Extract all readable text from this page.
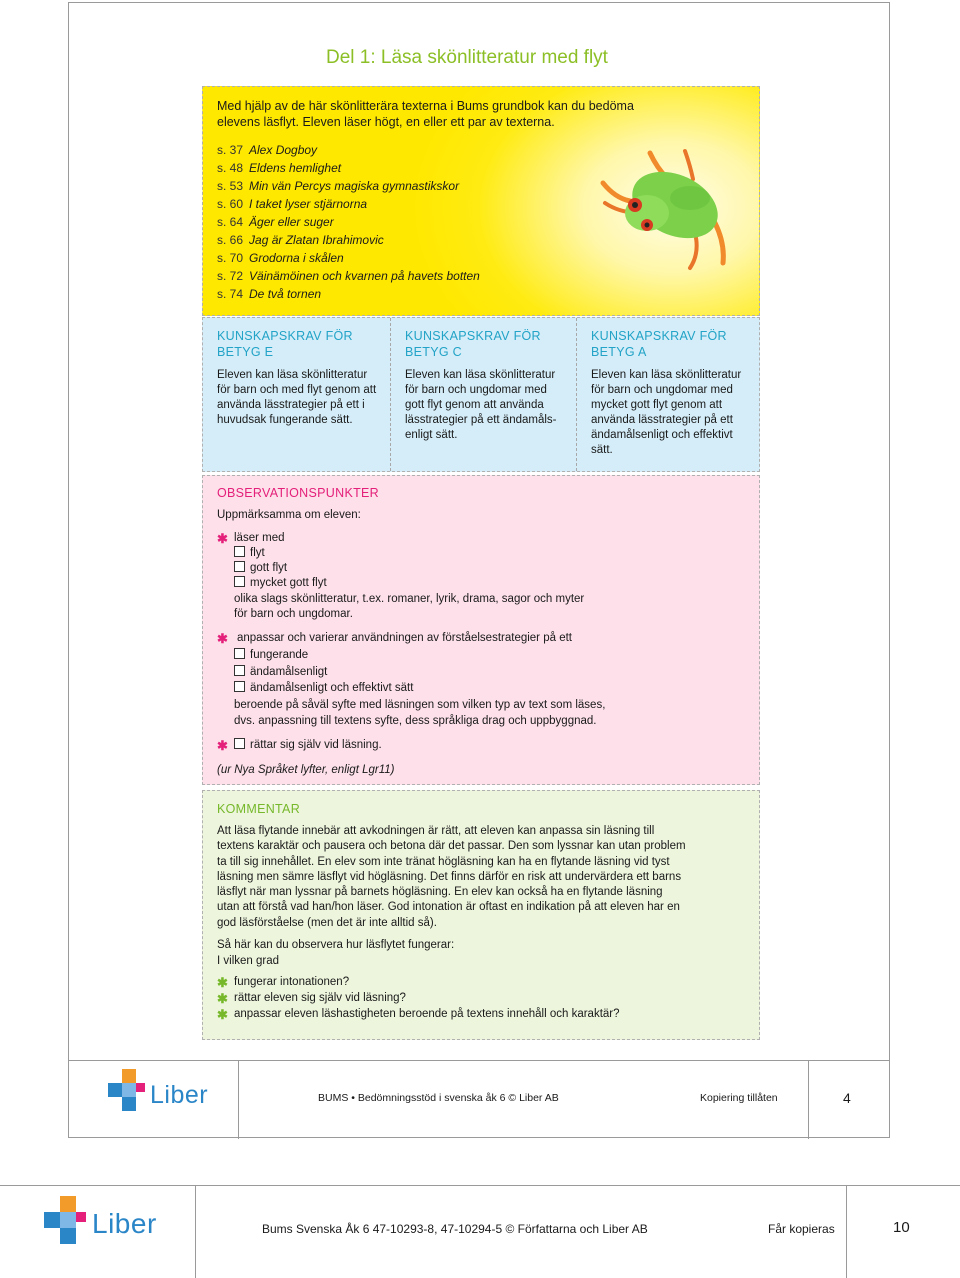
Del 1: Läsa skönlitteratur med flyt
Med hjälp av de här skönlitterära texterna i Bums grundbok kan du bedöma elevens läsflyt. Eleven läser högt, en eller ett par av texterna.
s. 37 Alex Dogboy
s. 48 Eldens hemlighet
s. 53 Min vän Percys magiska gymnastikskor
s. 60 I taket lyser stjärnorna
s. 64 Äger eller suger
s. 66 Jag är Zlatan Ibrahimovic
s. 70 Grodorna i skålen
s. 72 Väinämöinen och kvarnen på havets botten
s. 74 De två tornen
KUNSKAPSKRAV FÖR
BETYG E
Eleven kan läsa skönlitteratur för barn och med flyt genom att använda lässtrategier på ett i huvudsak fungerande sätt.
KUNSKAPSKRAV FÖR
BETYG C
Eleven kan läsa skönlitteratur för barn och ungdomar med gott flyt genom att använda lässtrategier på ett ändamåls-enligt sätt.
KUNSKAPSKRAV FÖR
BETYG A
Eleven kan läsa skönlitteratur för barn och ungdomar med mycket gott flyt genom att använda lässtrategier på ett ändamålsenligt och effektivt sätt.
OBSERVATIONSPUNKTER
Uppmärksamma om eleven:
✱ läser med
flyt
gott flyt
mycket gott flyt
olika slags skönlitteratur, t.ex. romaner, lyrik, drama, sagor och myter
för barn och ungdomar.
✱ anpassar och varierar användningen av förståelsestrategier på ett
fungerande
ändamålsenligt
ändamålsenligt och effektivt sätt
beroende på såväl syfte med läsningen som vilken typ av text som läses,
dvs. anpassning till textens syfte, dess språkliga drag och uppbyggnad.
✱	rättar sig själv vid läsning.
(ur Nya Språket lyfter, enligt Lgr11)
KOMMENTAR
Att läsa flytande innebär att avkodningen är rätt, att eleven kan anpassa sin läsning till textens karaktär och pausera och betona där det passar. Den som lyssnar kan utan problem ta till sig innehållet. En elev som inte tränat högläsning kan ha en flytande läsning vid tyst läsning men sämre läsflyt vid högläsning. Det finns därför en risk att undervärdera ett barns läsflyt när man lyssnar på barnets högläsning. En elev kan också ha en flytande läsning utan att förstå vad han/hon läser. God intonation är oftast en indikation på att eleven har en god läsförståelse (men det är inte alltid så).
Så här kan du observera hur läsflytet fungerar:
I vilken grad
✱ fungerar intonationen?
✱ rättar eleven sig själv vid läsning?
✱ anpassar eleven läshastigheten beroende på textens innehåll och karaktär?
Liber	BUMS • Bedömningsstöd i svenska åk 6 © Liber AB	Kopiering tillåten	4
Liber	Bums Svenska Åk 6 47-10293-8, 47-10294-5 © Författarna och Liber AB	Får kopieras	10
